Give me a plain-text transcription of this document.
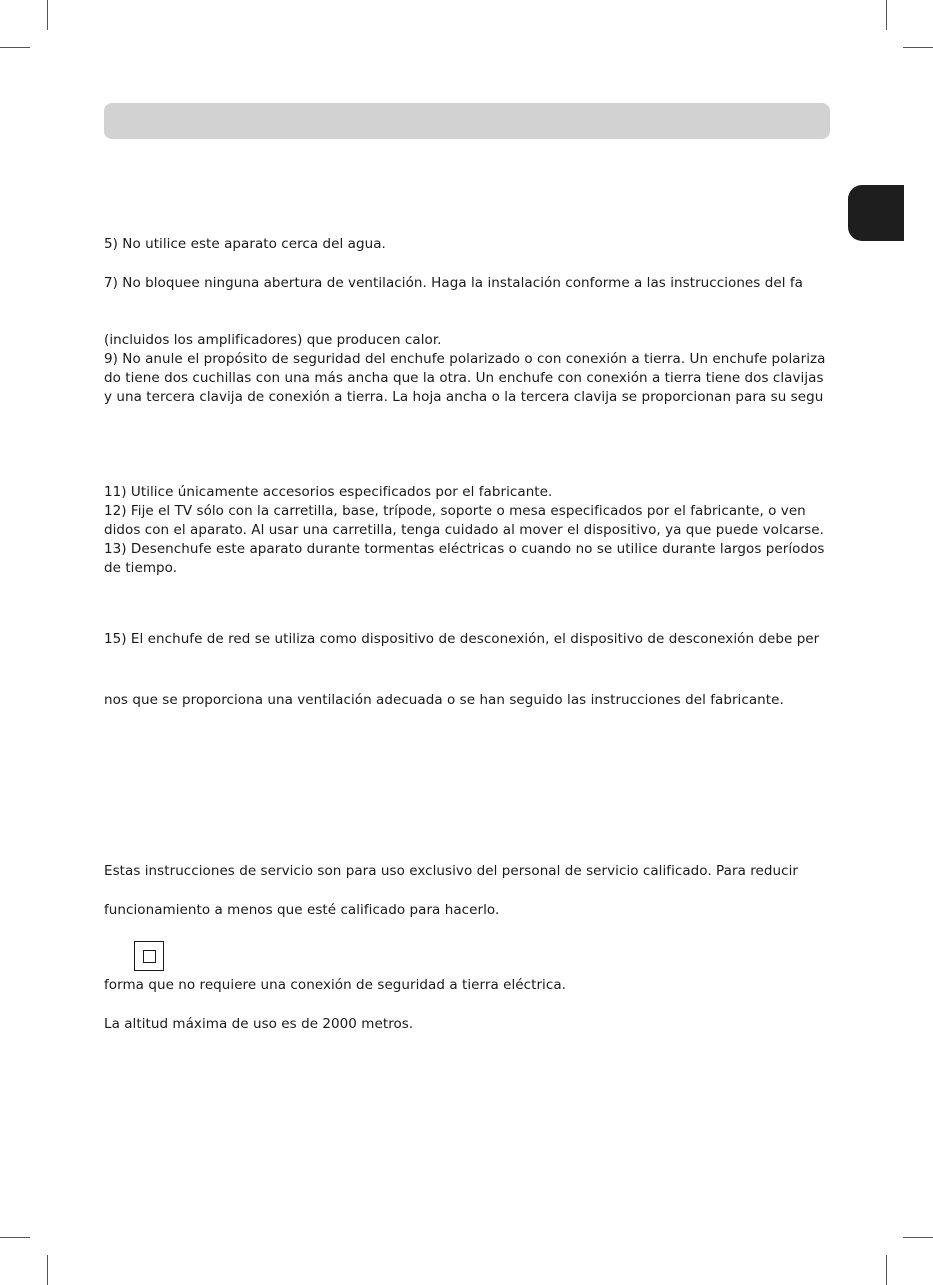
5) No utilice este aparato cerca del agua.
7) No bloquee ninguna abertura de ventilación. Haga la instalación conforme a las instrucciones del fa
(incluidos los amplificadores) que producen calor.
9) No anule el propósito de seguridad del enchufe polarizado o con conexión a tierra. Un enchufe polariza
do tiene dos cuchillas con una más ancha que la otra. Un enchufe con conexión a tierra tiene dos clavijas
y una tercera clavija de conexión a tierra. La hoja ancha o la tercera clavija se proporcionan para su segu
11) Utilice únicamente accesorios especificados por el fabricante.
12) Fije el TV sólo con la carretilla, base, trípode, soporte o mesa especificados por el fabricante, o ven
didos con el aparato. Al usar una carretilla, tenga cuidado al mover el dispositivo, ya que puede volcarse.
13) Desenchufe este aparato durante tormentas eléctricas o cuando no se utilice durante largos períodos
de tiempo.
15) El enchufe de red se utiliza como dispositivo de desconexión, el dispositivo de desconexión debe per
nos que se proporciona una ventilación adecuada o se han seguido las instrucciones del fabricante.
Estas instrucciones de servicio son para uso exclusivo del personal de servicio calificado. Para reducir
funcionamiento a menos que esté calificado para hacerlo.
forma que no requiere una conexión de seguridad a tierra eléctrica.
La altitud máxima de uso es de 2000 metros.
